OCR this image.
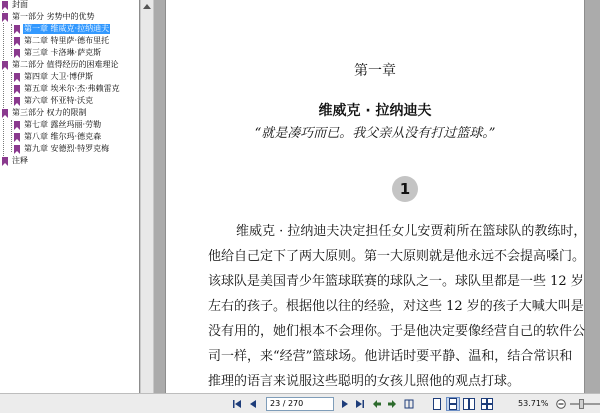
封面
第一部分 劣势中的优势
第一章 维威克·拉纳迪夫
第二章 特里萨·德布里托
第三章 卡洛琳·萨克斯
第二部分 值得经历的困难理论
第四章 大卫·博伊斯
第五章 埃米尔·杰·弗赖雷克
第六章 怀亚特·沃克
第三部分 权力的限制
第七章 露丝玛丽·劳勒
第八章 维尔玛·德克森
第九章 安德烈·特罗克梅
注释
第一章
维威克 · 拉纳迪夫
“就是凑巧而已。我父亲从没有打过篮球。”
1
维威克 · 拉纳迪夫决定担任女儿安贾莉所在篮球队的教练时，
他给自己定下了两大原则。第一大原则就是他永远不会提高嗓门。
该球队是美国青少年篮球联赛的球队之一。球队里都是一些 12 岁
左右的孩子。根据他以往的经验，对这些 12 岁的孩子大喊大叫是
没有用的，她们根本不会理你。于是他决定要像经营自己的软件公
司一样，来“经营”篮球场。他讲话时要平静、温和，结合常识和
推理的语言来说服这些聪明的女孩儿照他的观点打球。
23 / 270	53.71%
